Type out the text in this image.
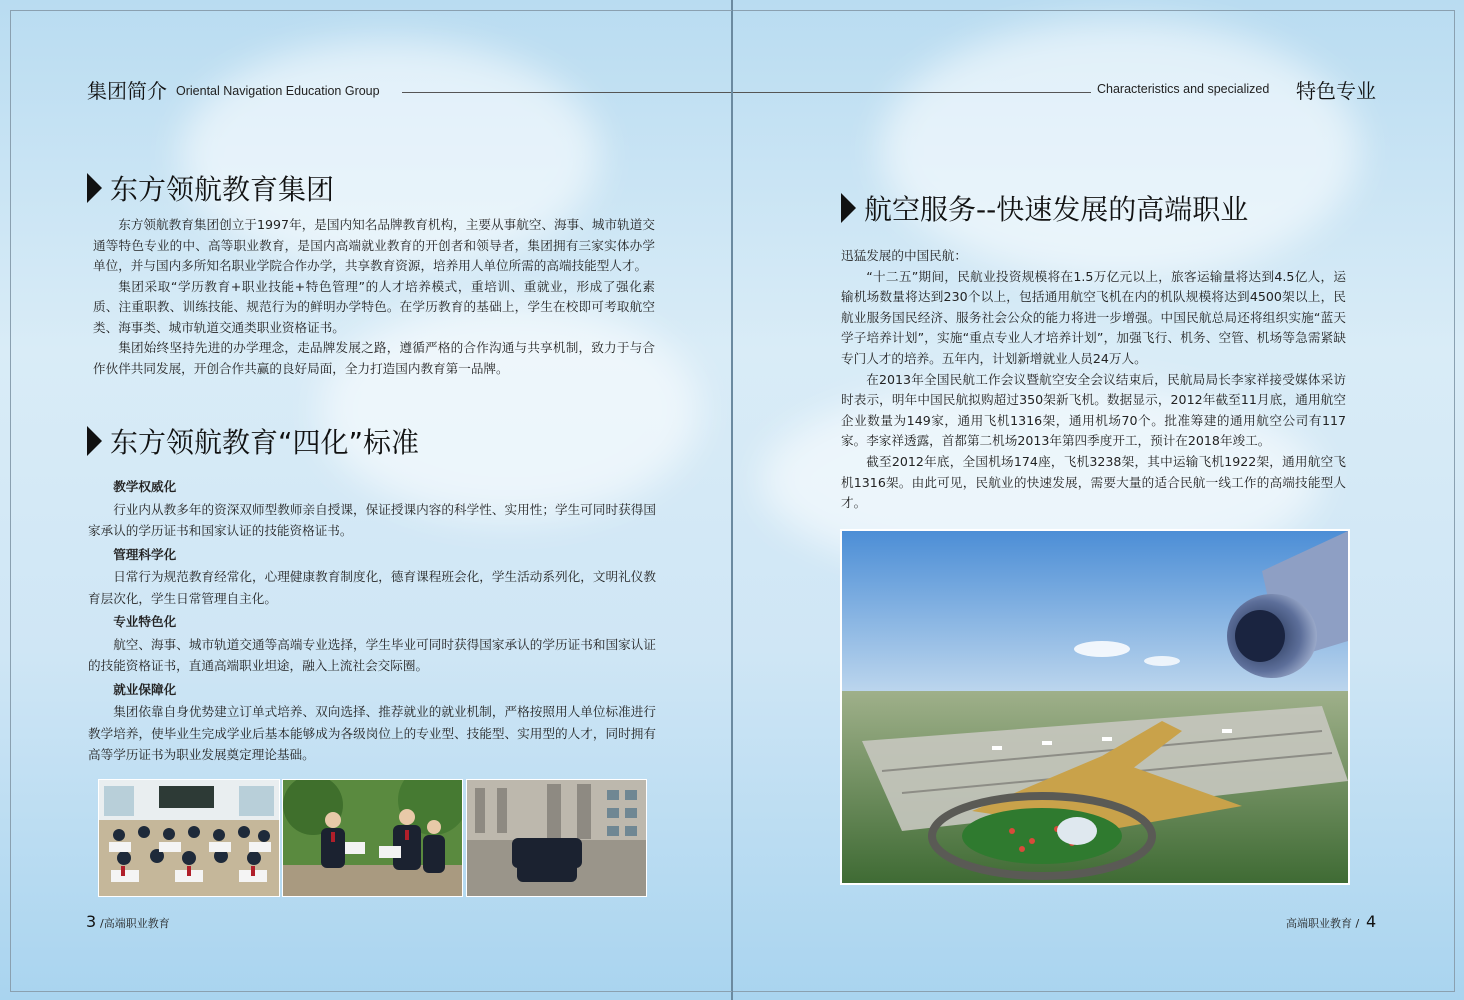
集团简介 Oriental Navigation Education Group
东方领航教育集团

东方领航教育集团创立于1997年，是国内知名品牌教育机构，主要从事航空、海事、城市轨道交通等特色专业的中、高等职业教育，是国内高端就业教育的开创者和领导者，集团拥有三家实体办学单位，并与国内多所知名职业学院合作办学，共享教育资源，培养用人单位所需的高端技能型人才。

集团采取“学历教育+职业技能+特色管理”的人才培养模式，重培训、重就业，形成了强化素质、注重职教、训练技能、规范行为的鲜明办学特色。在学历教育的基础上，学生在校即可考取航空类、海事类、城市轨道交通类职业资格证书。

集团始终坚持先进的办学理念，走品牌发展之路，遵循严格的合作沟通与共享机制，致力于与合作伙伴共同发展，开创合作共赢的良好局面，全力打造国内教育第一品牌。

东方领航教育“四化”标准
教学权威化

行业内从教多年的资深双师型教师亲自授课，保证授课内容的科学性、实用性；学生可同时获得国家承认的学历证书和国家认证的技能资格证书。

管理科学化

日常行为规范教育经常化，心理健康教育制度化，德育课程班会化，学生活动系列化，文明礼仪教育层次化，学生日常管理自主化。

专业特色化

航空、海事、城市轨道交通等高端专业选择，学生毕业可同时获得国家承认的学历证书和国家认证的技能资格证书，直通高端职业坦途，融入上流社会交际圈。

就业保障化

集团依靠自身优势建立订单式培养、双向选择、推荐就业的就业机制，严格按照用人单位标准进行教学培养，使毕业生完成学业后基本能够成为各级岗位上的专业型、技能型、实用型的人才，同时拥有高等学历证书为职业发展奠定理论基础。

3 /高端职业教育
Characteristics and specialized 特色专业
航空服务--快速发展的高端职业
迅猛发展的中国民航：

“十二五”期间，民航业投资规模将在1.5万亿元以上，旅客运输量将达到4.5亿人，运输机场数量将达到230个以上，包括通用航空飞机在内的机队规模将达到4500架以上，民航业服务国民经济、服务社会公众的能力将进一步增强。中国民航总局还将组织实施“蓝天学子培养计划”，实施“重点专业人才培养计划”，加强飞行、机务、空管、机场等急需紧缺专门人才的培养。五年内，计划新增就业人员24万人。

在2013年全国民航工作会议暨航空安全会议结束后，民航局局长李家祥接受媒体采访时表示，明年中国民航拟购超过350架新飞机。数据显示，2012年截至11月底，通用航空企业数量为149家，通用飞机1316架，通用机场70个。批准筹建的通用航空公司有117家。李家祥透露，首都第二机场2013年第四季度开工，预计在2018年竣工。

截至2012年底，全国机场174座，飞机3238架，其中运输飞机1922架，通用航空飞机1316架。由此可见，民航业的快速发展，需要大量的适合民航一线工作的高端技能型人才。

高端职业教育 / 4
